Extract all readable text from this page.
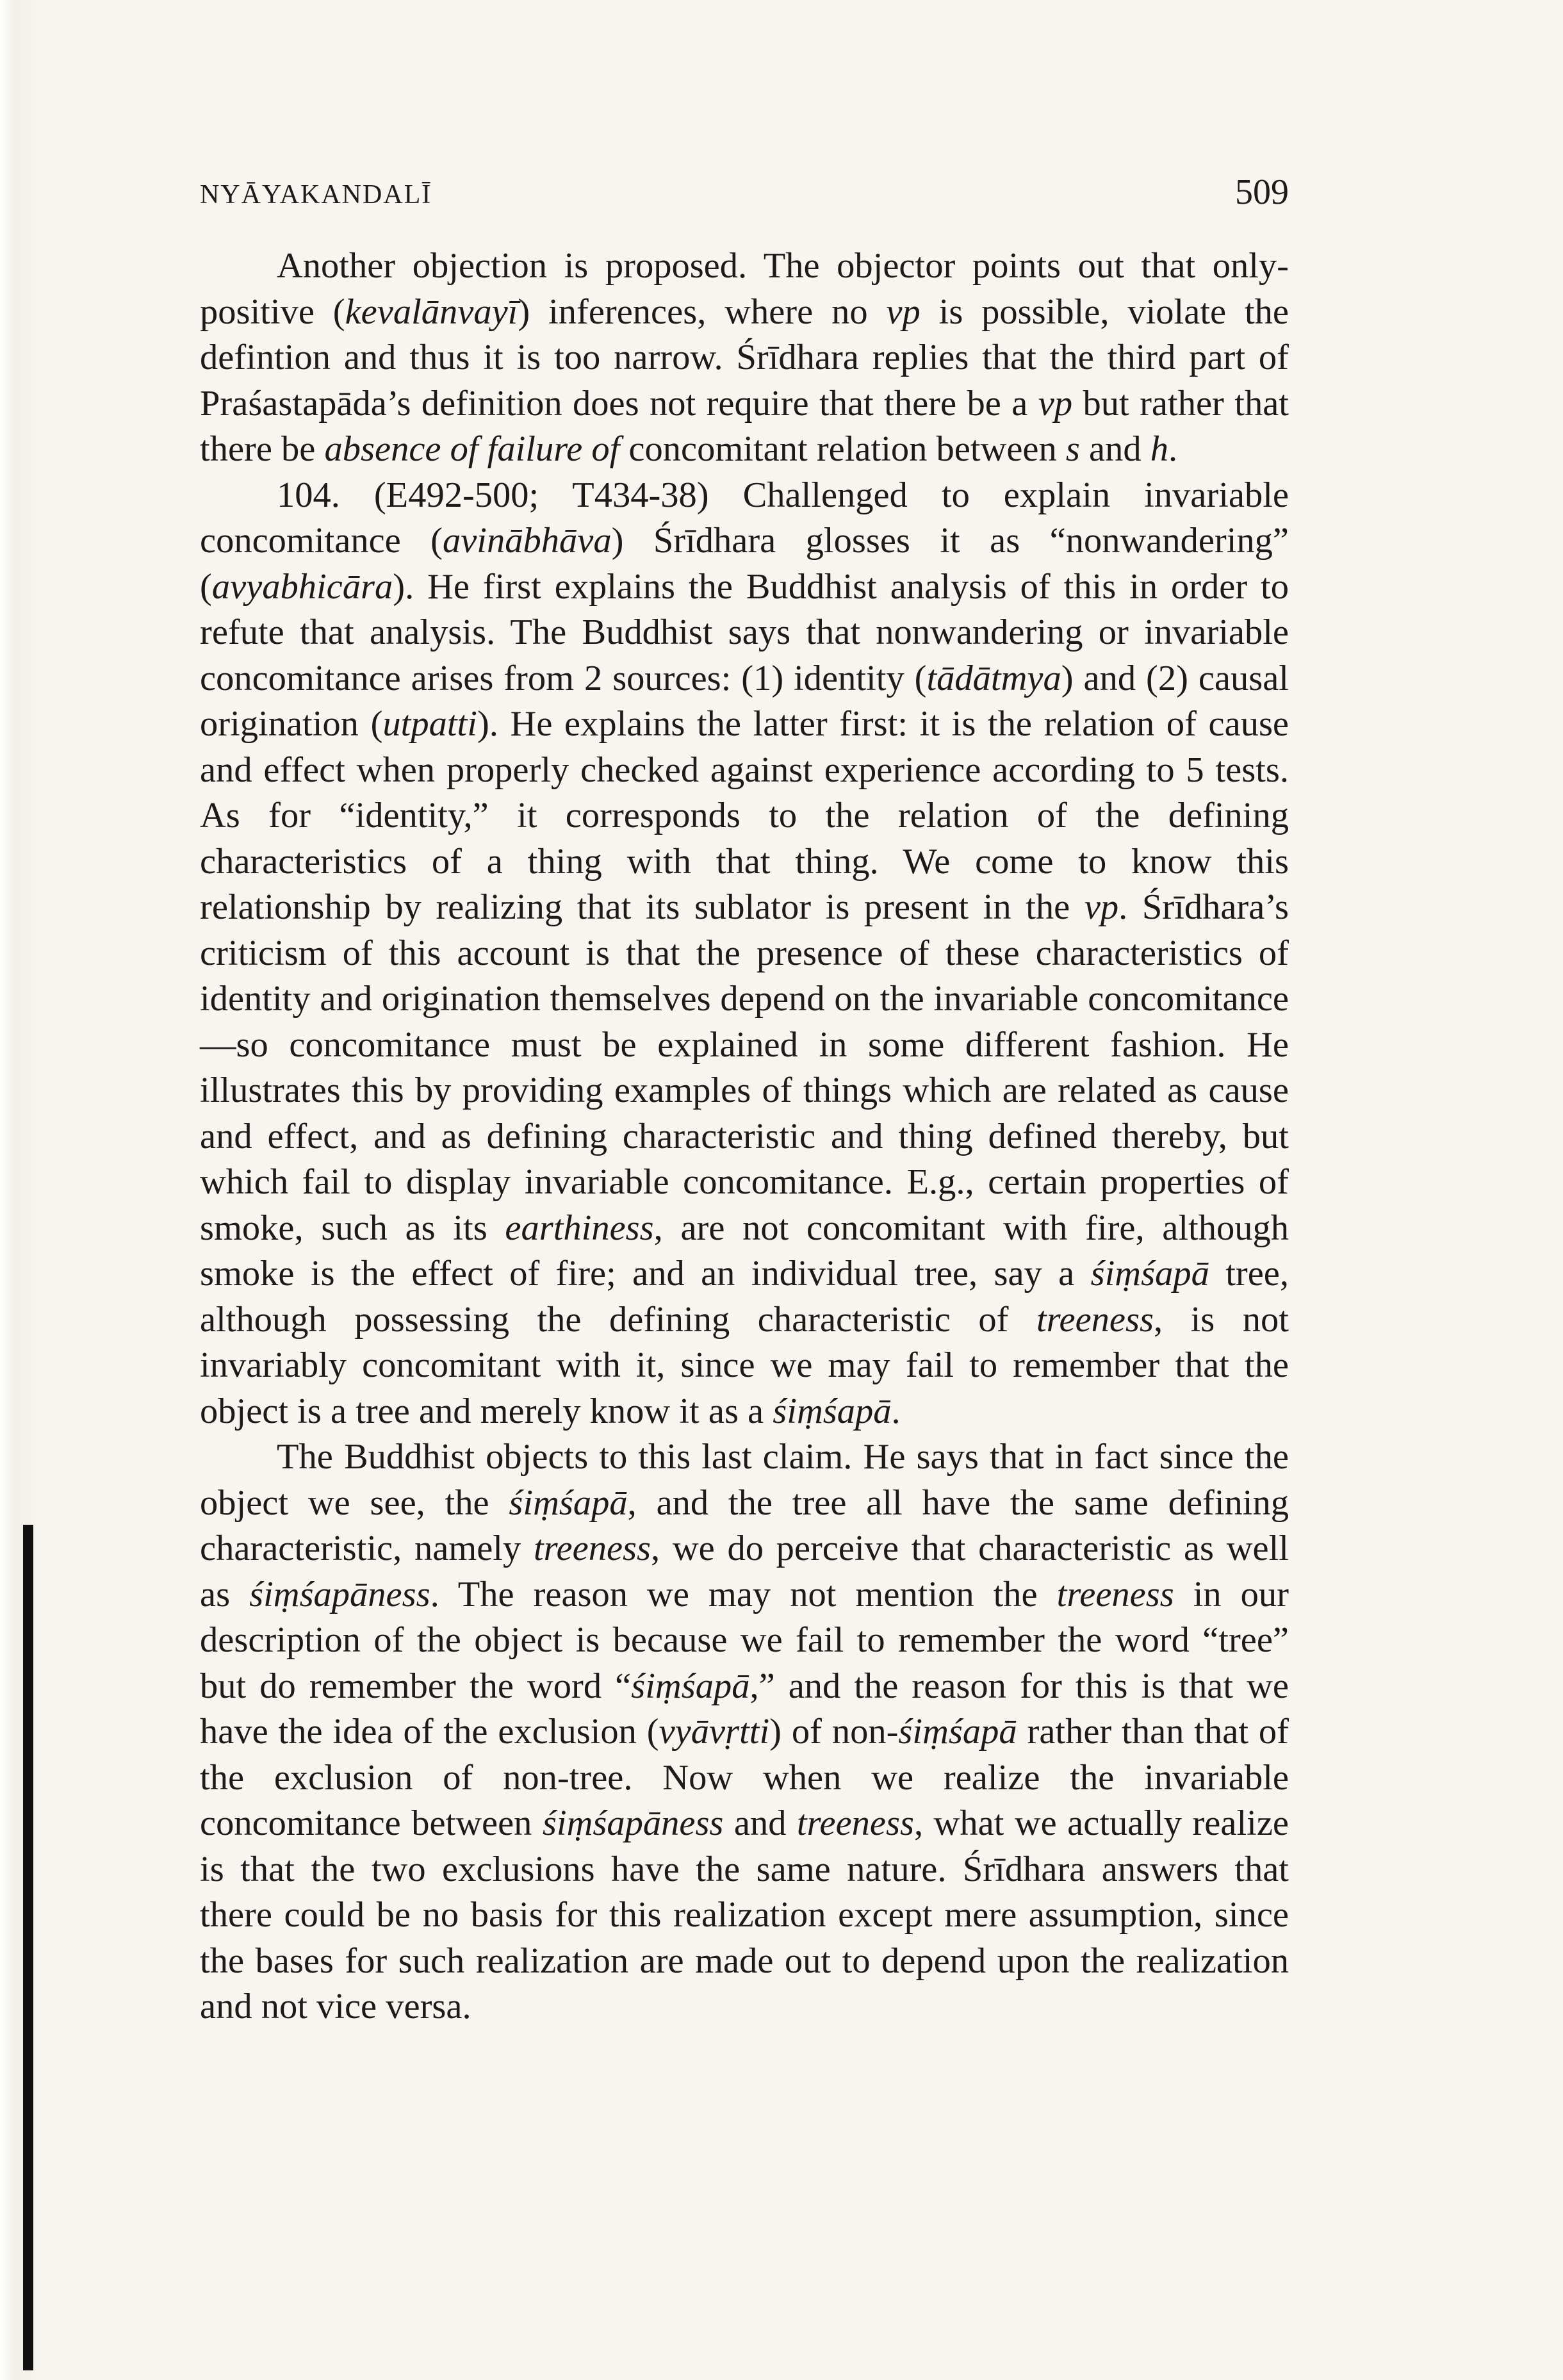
NYĀYAKANDALĪ	509

Another objection is proposed. The objector points out that only-positive (kevalānvayī) inferences, where no vp is possible, violate the defintion and thus it is too narrow. Śrīdhara replies that the third part of Praśastapāda’s definition does not require that there be a vp but rather that there be absence of failure of concomitant relation between s and h.

104. (E492-500; T434-38) Challenged to explain invariable concomitance (avinābhāva) Śrīdhara glosses it as “nonwandering” (avyabhicāra). He first explains the Buddhist analysis of this in order to refute that analysis. The Buddhist says that nonwandering or invariable concomitance arises from 2 sources: (1) identity (tādātmya) and (2) causal origination (utpatti). He explains the latter first: it is the relation of cause and effect when properly checked against experience according to 5 tests. As for “identity,” it corresponds to the relation of the defining characteristics of a thing with that thing. We come to know this relationship by realizing that its sublator is present in the vp. Śrīdhara’s criticism of this account is that the presence of these characteristics of identity and origination themselves depend on the invariable concomitance —so concomitance must be explained in some different fashion. He illustrates this by providing examples of things which are related as cause and effect, and as defining characteristic and thing defined thereby, but which fail to display invariable concomitance. E.g., certain properties of smoke, such as its earthiness, are not concomitant with fire, although smoke is the effect of fire; and an individual tree, say a śiṃśapā tree, although possessing the defining characteristic of treeness, is not invariably concomitant with it, since we may fail to remember that the object is a tree and merely know it as a śiṃśapā.

The Buddhist objects to this last claim. He says that in fact since the object we see, the śiṃśapā, and the tree all have the same defining characteristic, namely treeness, we do perceive that characteristic as well as śiṃśapāness. The reason we may not mention the treeness in our description of the object is because we fail to remember the word “tree” but do remember the word “śiṃśapā,” and the reason for this is that we have the idea of the exclusion (vyāvṛtti) of non-śiṃśapā rather than that of the exclusion of non-tree. Now when we realize the invariable concomitance between śiṃśapāness and treeness, what we actually realize is that the two exclusions have the same nature. Śrīdhara answers that there could be no basis for this realization except mere assumption, since the bases for such realization are made out to depend upon the realization and not vice versa.
